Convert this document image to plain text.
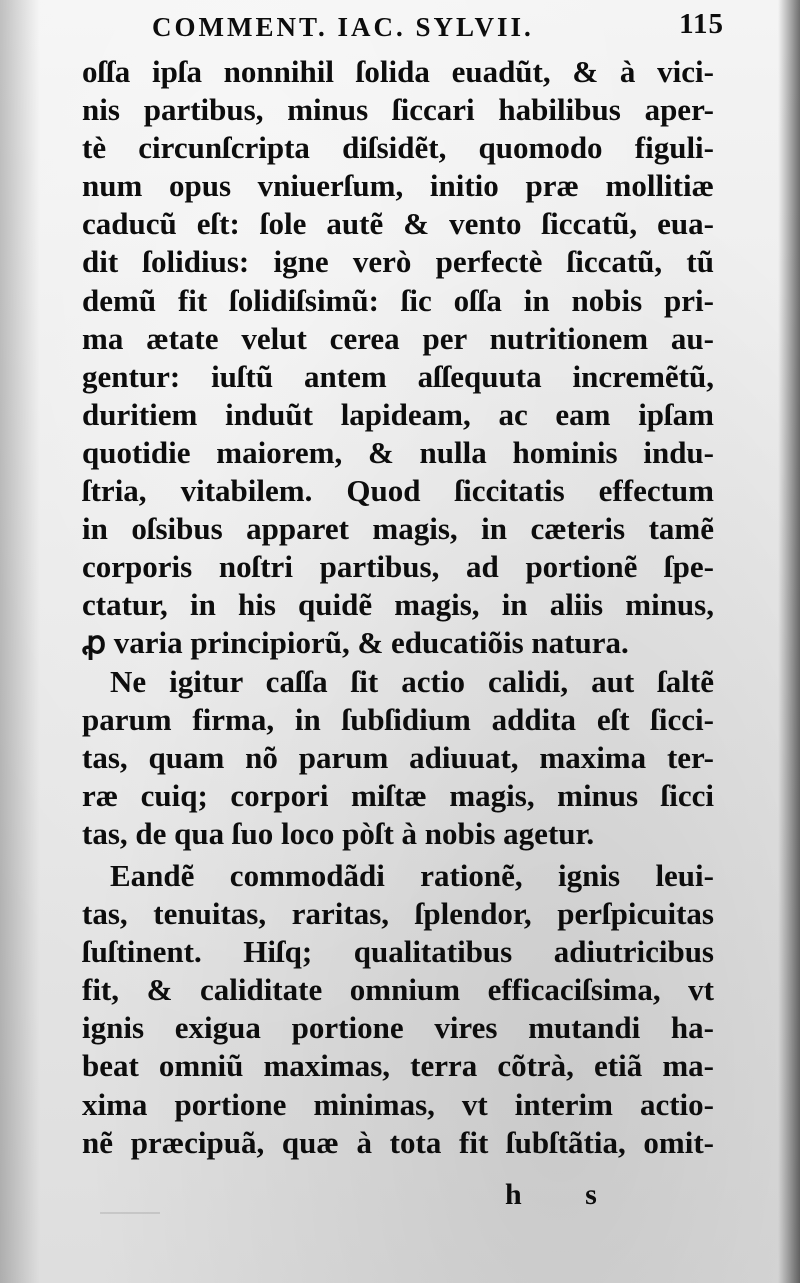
COMMENT. IAC. SYLVII.	115
oſſa ipſa nonnihil ſolida euadũt, & à vici-
nis partibus, minus ſiccari habilibus aper-
tè circunſcripta diſsidẽt, quomodo figuli-
num opus vniuerſum, initio præ mollitiæ
caducũ eſt: ſole autẽ & vento ſiccatũ, eua-
dit ſolidius: igne verò perfectè ſiccatũ, tũ
demũ fit ſolidiſsimũ: ſic oſſa in nobis pri-
ma ætate velut cerea per nutritionem au-
gentur: iuſtũ antem aſſequuta incremẽtũ,
duritiem induũt lapideam, ac eam ipſam
quotidie maiorem, & nulla hominis indu-
ſtria, vitabilem. Quod ſiccitatis effectum
in oſsibus apparet magis, in cæteris tamẽ
corporis noſtri partibus, ad portionẽ ſpe-
ctatur, in his quidẽ magis, in aliis minus,
ꝓ varia principiorũ, & educatiõis natura.
Ne igitur caſſa ſit actio calidi, aut ſaltẽ
parum firma, in ſubſidium addita eſt ſicci-
tas, quam nõ parum adiuuat, maxima ter-
ræ cuiq; corpori miſtæ magis, minus ſicci
tas, de qua ſuo loco pòſt à nobis agetur.
Eandẽ commodãdi rationẽ, ignis leui-
tas, tenuitas, raritas, ſplendor, perſpicuitas
ſuſtinent. Hiſq; qualitatibus adiutricibus
fit, & caliditate omnium efficaciſsima, vt
ignis exigua portione vires mutandi ha-
beat omniũ maximas, terra cõtrà, etiã ma-
xima portione minimas, vt interim actio-
nẽ præcipuã, quæ à tota fit ſubſtãtia, omit-
h s
